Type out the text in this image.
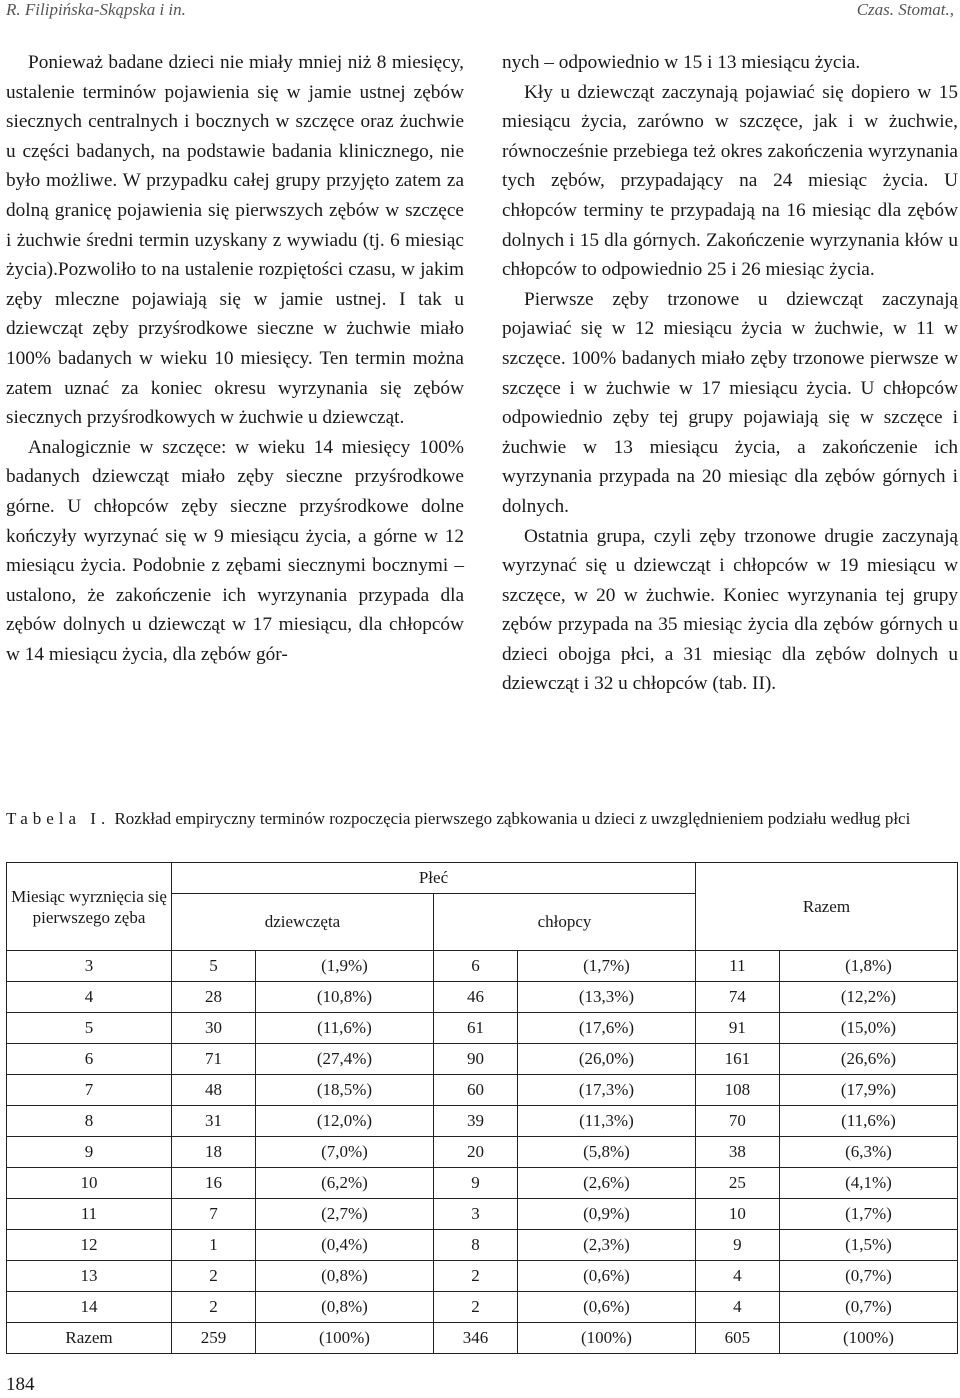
R. Filipińska-Skąpska i in.	Czas. Stomat.,

Ponieważ badane dzieci nie miały mniej niż 8 miesięcy, ustalenie terminów pojawienia się w jamie ustnej zębów siecznych centralnych i bocznych w szczęce oraz żuchwie u części badanych, na podstawie badania klinicznego, nie było możliwe. W przypadku całej grupy przyjęto zatem za dolną granicę pojawienia się pierwszych zębów w szczęce i żuchwie średni termin uzyskany z wywiadu (tj. 6 miesiąc życia).Pozwoliło to na ustalenie rozpiętości czasu, w jakim zęby mleczne pojawiają się w jamie ustnej. I tak u dziewcząt zęby przyśrodkowe sieczne w żuchwie miało 100% badanych w wieku 10 miesięcy. Ten termin można zatem uznać za koniec okresu wyrzynania się zębów siecznych przyśrodkowych w żuchwie u dziewcząt.

Analogicznie w szczęce: w wieku 14 miesięcy 100% badanych dziewcząt miało zęby sieczne przyśrodkowe górne. U chłopców zęby sieczne przyśrodkowe dolne kończyły wyrzynać się w 9 miesiącu życia, a górne w 12 miesiącu życia. Podobnie z zębami siecznymi bocznymi – ustalono, że zakończenie ich wyrzynania przypada dla zębów dolnych u dziewcząt w 17 miesiącu, dla chłopców w 14 miesiącu życia, dla zębów gór-

nych – odpowiednio w 15 i 13 miesiącu życia.

Kły u dziewcząt zaczynają pojawiać się dopiero w 15 miesiącu życia, zarówno w szczęce, jak i w żuchwie, równocześnie przebiega też okres zakończenia wyrzynania tych zębów, przypadający na 24 miesiąc życia. U chłopców terminy te przypadają na 16 miesiąc dla zębów dolnych i 15 dla górnych. Zakończenie wyrzynania kłów u chłopców to odpowiednio 25 i 26 miesiąc życia.

Pierwsze zęby trzonowe u dziewcząt zaczynają pojawiać się w 12 miesiącu życia w żuchwie, w 11 w szczęce. 100% badanych miało zęby trzonowe pierwsze w szczęce i w żuchwie w 17 miesiącu życia. U chłopców odpowiednio zęby tej grupy pojawiają się w szczęce i żuchwie w 13 miesiącu życia, a zakończenie ich wyrzynania przypada na 20 miesiąc dla zębów górnych i dolnych.

Ostatnia grupa, czyli zęby trzonowe drugie zaczynają wyrzynać się u dziewcząt i chłopców w 19 miesiącu w szczęce, w 20 w żuchwie. Koniec wyrzynania tej grupy zębów przypada na 35 miesiąc życia dla zębów górnych u dzieci obojga płci, a 31 miesiąc dla zębów dolnych u dziewcząt i 32 u chłopców (tab. II).

Tabela I. Rozkład empiryczny terminów rozpoczęcia pierwszego ząbkowania u dzieci z uwzględnieniem podziału według płci
Miesiąc wyrznięcia się pierwszego zęba	Płeć				Razem	
	dziewczęta		chłopcy			
3	5	(1,9%)	6	(1,7%)	11	(1,8%)
4	28	(10,8%)	46	(13,3%)	74	(12,2%)
5	30	(11,6%)	61	(17,6%)	91	(15,0%)
6	71	(27,4%)	90	(26,0%)	161	(26,6%)
7	48	(18,5%)	60	(17,3%)	108	(17,9%)
8	31	(12,0%)	39	(11,3%)	70	(11,6%)
9	18	(7,0%)	20	(5,8%)	38	(6,3%)
10	16	(6,2%)	9	(2,6%)	25	(4,1%)
11	7	(2,7%)	3	(0,9%)	10	(1,7%)
12	1	(0,4%)	8	(2,3%)	9	(1,5%)
13	2	(0,8%)	2	(0,6%)	4	(0,7%)
14	2	(0,8%)	2	(0,6%)	4	(0,7%)
Razem	259	(100%)	346	(100%)	605	(100%)
184
